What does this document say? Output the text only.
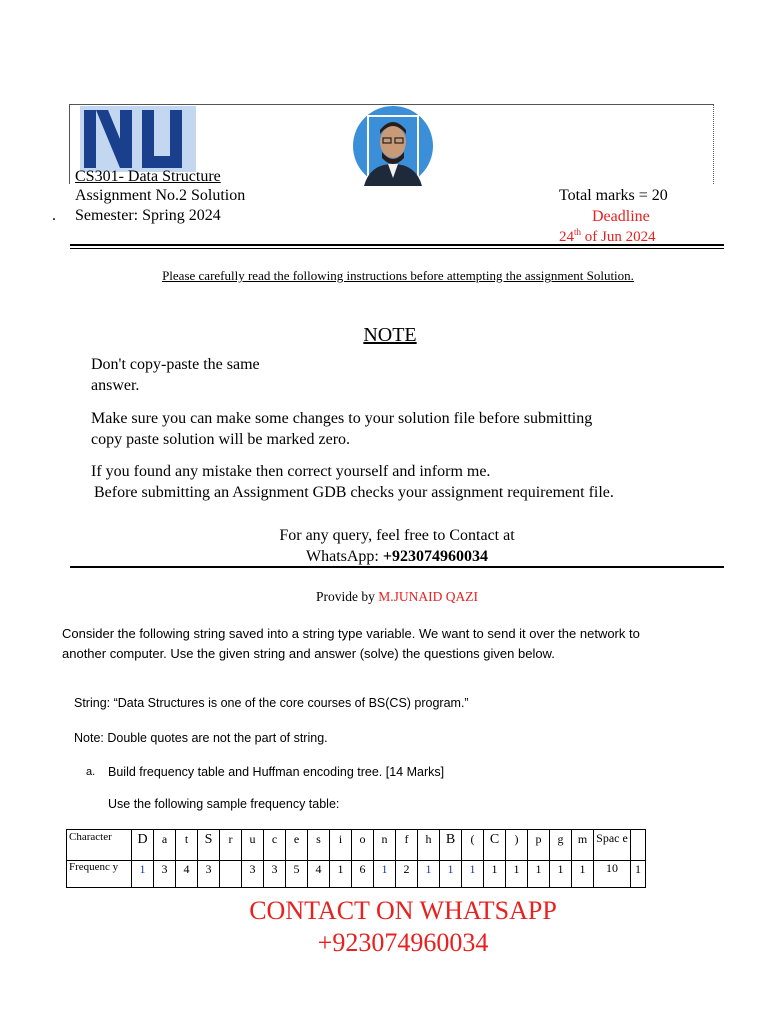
CS301- Data Structure
Assignment No.2 Solution
. Semester: Spring 2024
Total marks = 20
Deadline
24th of Jun 2024
Please carefully read the following instructions before attempting the assignment Solution.
NOTE
Don't copy-paste the same
answer.
Make sure you can make some changes to your solution file before submitting
copy paste solution will be marked zero.
If you found any mistake then correct yourself and inform me.
Before submitting an Assignment GDB checks your assignment requirement file.
For any query, feel free to Contact at
WhatsApp: +923074960034
Provide by M.JUNAID QAZI
Consider the following string saved into a string type variable. We want to send it over the network to
another computer. Use the given string and answer (solve) the questions given below.
String: “Data Structures is one of the core courses of BS(CS) program.”
Note: Double quotes are not the part of string.
a. Build frequency table and Huffman encoding tree. [14 Marks]
Use the following sample frequency table:
Character	D	a	t	S	r	u	c	e	s	i	o	n	f	h	B	(	C	)	p	g	m	Spac e	
Frequenc y	1	3	4	3		3	3	5	4	1	6	1	2	1	1	1	1	1	1	1	1	10	1
CONTACT ON WHATSAPP
+923074960034
